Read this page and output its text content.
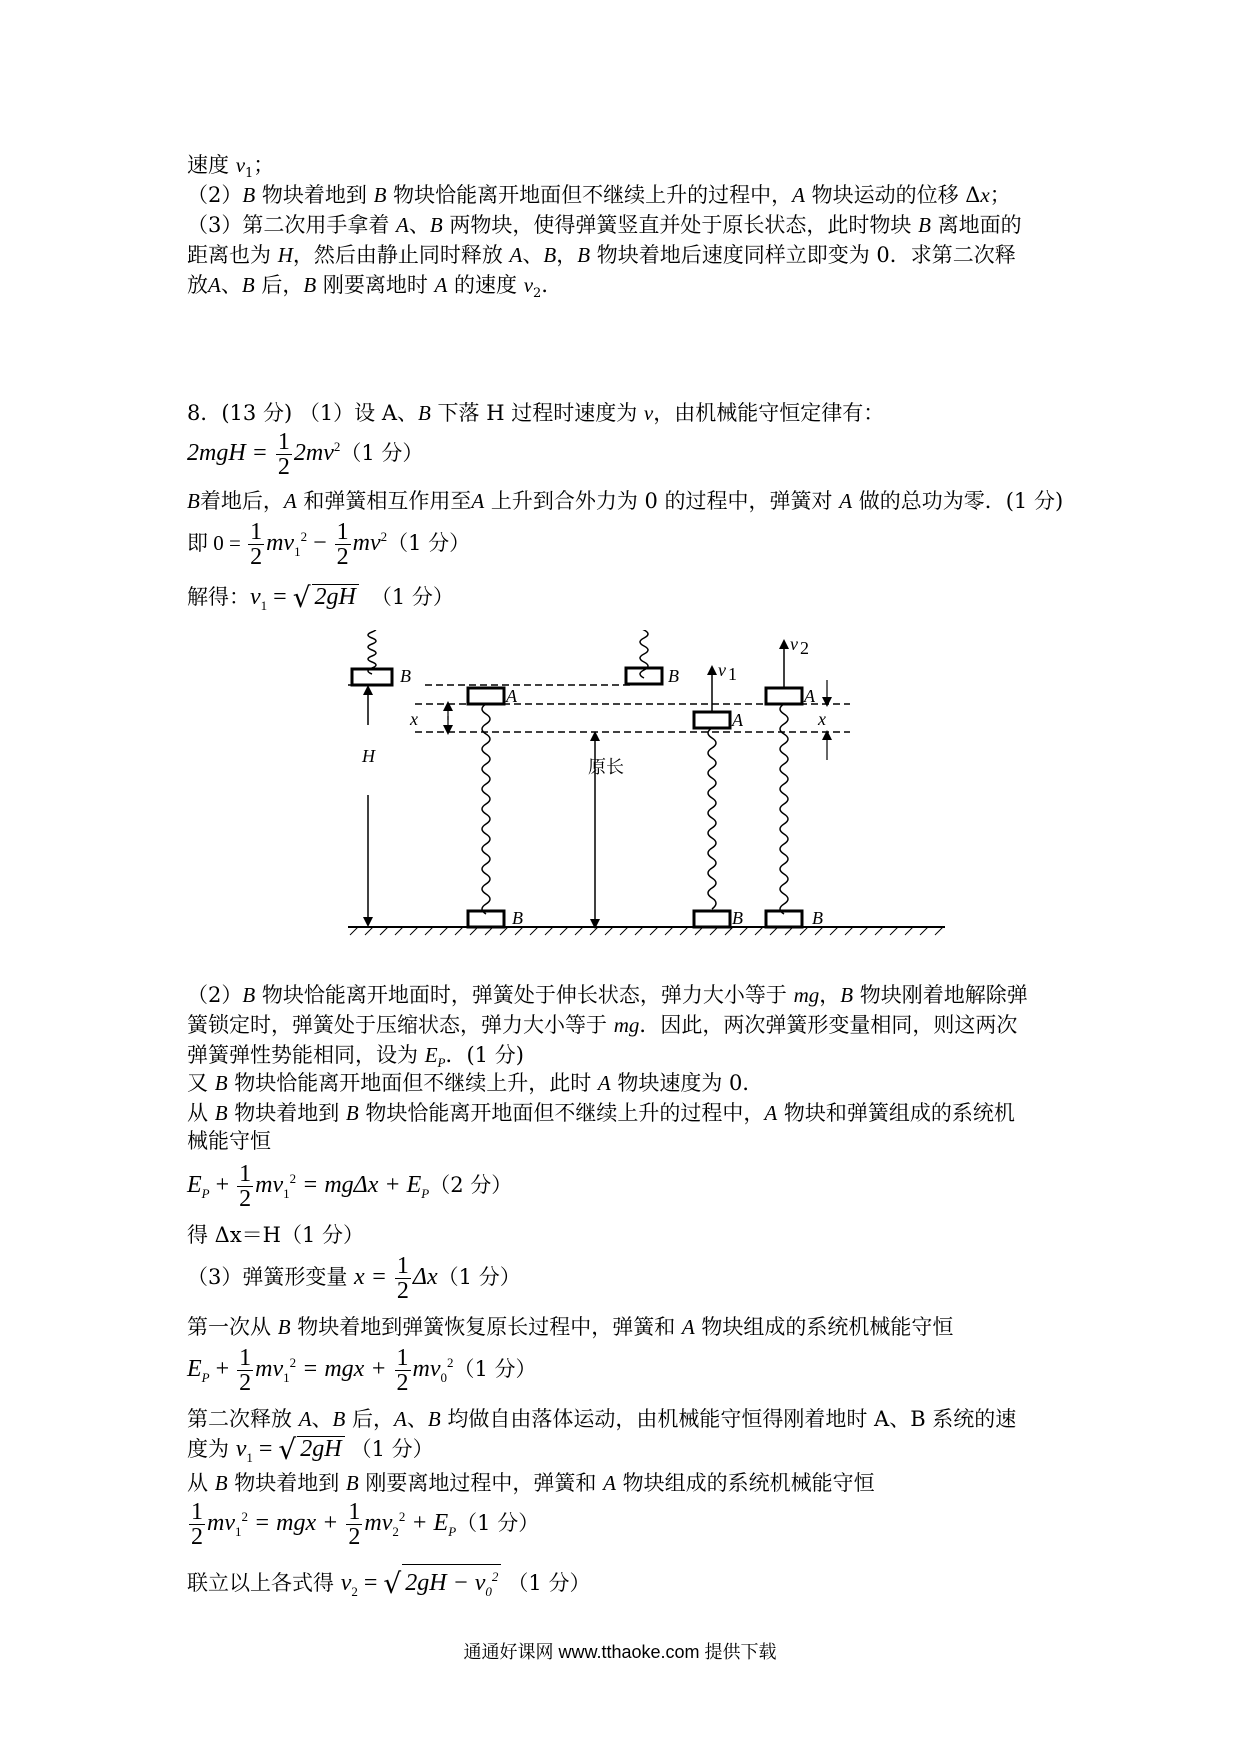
速度 $v_1$；
（2）B 物块着地到 B 物块恰能离开地面但不继续上升的过程中，A 物块运动的位移 Δx；
（3）第二次用手拿着 A、B 两物块，使得弹簧竖直并处于原长状态，此时物块 B 离地面的
距离也为 H，然后由静止同时释放 A、B，B 物块着地后速度同样立即变为 0．求第二次释
放A、B 后，B 刚要离地时 A 的速度 $v_2$．
8．(13 分) （1）设 A、B 下落 H 过程时速度为 v，由机械能守恒定律有：
$2mgH = \frac{1}{2} 2mv^2(1$ 分）
B着地后，A 和弹簧相互作用至A 上升到合外力为 0 的过程中，弹簧对 A 做的总功为零．(1 分)
即 $0 = \frac{1}{2} mv_1^2 - \frac{1}{2} mv^2(1$ 分）
解得：$v_1$ = √ 2gH （1 分）
H
B
A
B
x
原长
B v 1
A
B
v 2
A
B
x
（2）B 物块恰能离开地面时，弹簧处于伸长状态，弹力大小等于 mg，B 物块刚着地解除弹
簧锁定时，弹簧处于压缩状态，弹力大小等于 mg．因此，两次弹簧形变量相同，则这两次
弹簧弹性势能相同，设为 $E_P$．(1 分)
又 B 物块恰能离开地面但不继续上升，此时 A 物块速度为 0．
从 B 物块着地到 B 物块恰能离开地面但不继续上升的过程中，A 物块和弹簧组成的系统机
械能守恒
$E_P + \frac{1}{2} mv_1^2 = mg\Delta x + E_P(2$ 分）
得 Δx＝H（1 分）
（3）弹簧形变量 $x = \frac{1}{2} \Delta x(1$ 分）
第一次从 B 物块着地到弹簧恢复原长过程中，弹簧和 A 物块组成的系统机械能守恒
$E_P + \frac{1}{2} mv_1^2$ = mgx + $\frac{1}{2} mv_0^2(1$ 分）
第二次释放 A、B 后，A、B 均做自由落体运动，由机械能守恒得刚着地时 A、B 系统的速
度为 $v_1$ = √ 2gH （1 分）
从 B 物块着地到 B 刚要离地过程中，弹簧和 A 物块组成的系统机械能守恒
$\frac{1}{2} mv_1^2$ = mgx + $\frac{1}{2} mv_2^2 + E_P(1$ 分）
联立以上各式得 $v_2$ = √ $2gH - v_0^2$ （1 分）
通通好课网 www.tthaoke.com 提供下载
